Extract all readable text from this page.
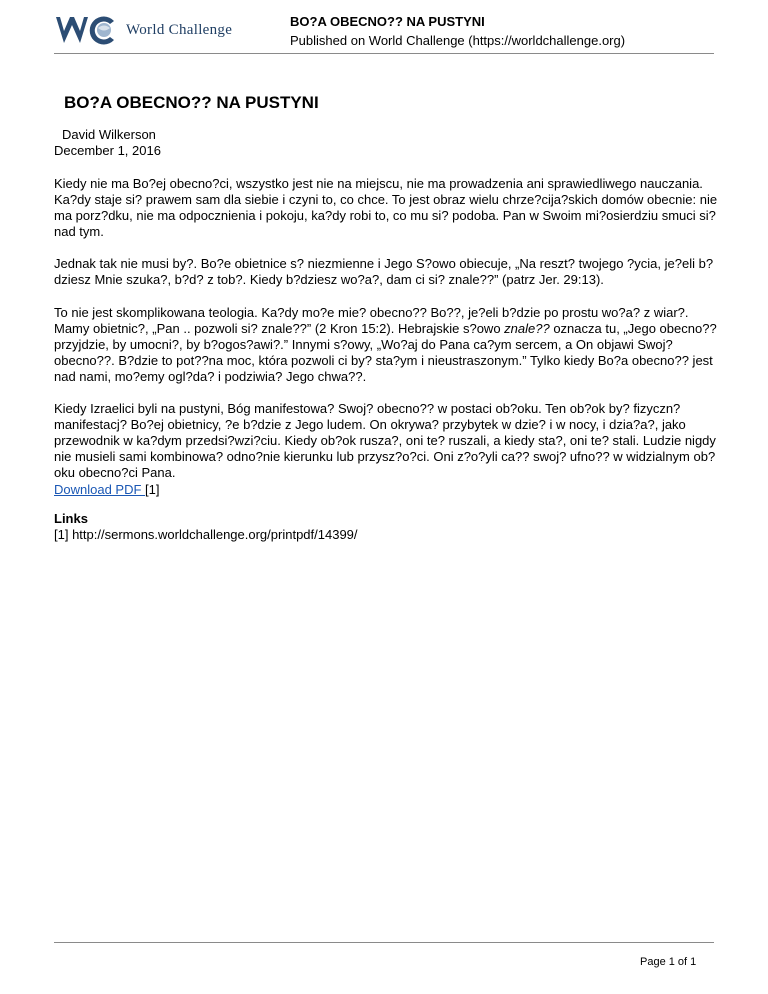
World Challenge
BO?A OBECNO?? NA PUSTYNI
Published on World Challenge (https://worldchallenge.org)
BO?A OBECNO?? NA PUSTYNI
David Wilkerson
December 1, 2016

Kiedy nie ma Bo?ej obecno?ci, wszystko jest nie na miejscu, nie ma prowadzenia ani sprawiedliwego nauczania. Ka?dy staje si? prawem sam dla siebie i czyni to, co chce. To jest obraz wielu chrze?cija?skich domów obecnie: nie ma porz?dku, nie ma odpocznienia i pokoju, ka?dy robi to, co mu si? podoba. Pan w Swoim mi?osierdziu smuci si? nad tym.

Jednak tak nie musi by?. Bo?e obietnice s? niezmienne i Jego S?owo obiecuje, „Na reszt? twojego ?ycia, je?eli b?dziesz Mnie szuka?, b?d? z tob?. Kiedy b?dziesz wo?a?, dam ci si? znale??” (patrz Jer. 29:13).

To nie jest skomplikowana teologia. Ka?dy mo?e mie? obecno?? Bo??, je?eli b?dzie po prostu wo?a? z wiar?. Mamy obietnic?, „Pan .. pozwoli si? znale??” (2 Kron 15:2). Hebrajskie s?owo znale?? oznacza tu, „Jego obecno?? przyjdzie, by umocni?, by b?ogos?awi?.” Innymi s?owy, „Wo?aj do Pana ca?ym sercem, a On objawi Swoj? obecno??. B?dzie to pot??na moc, która pozwoli ci by? sta?ym i nieustraszonym.” Tylko kiedy Bo?a obecno?? jest nad nami, mo?emy ogl?da? i podziwia? Jego chwa??.

Kiedy Izraelici byli na pustyni, Bóg manifestowa? Swoj? obecno?? w postaci ob?oku. Ten ob?ok by? fizyczn? manifestacj? Bo?ej obietnicy, ?e b?dzie z Jego ludem. On okrywa? przybytek w dzie? i w nocy, i dzia?a?, jako przewodnik w ka?dym przedsi?wzi?ciu. Kiedy ob?ok rusza?, oni te? ruszali, a kiedy sta?, oni te? stali. Ludzie nigdy nie musieli sami kombinowa? odno?nie kierunku lub przysz?o?ci. Oni z?o?yli ca?? swoj? ufno?? w widzialnym ob?oku obecno?ci Pana.

Download PDF [1]
Links
[1] http://sermons.worldchallenge.org/printpdf/14399/
Page 1 of 1
